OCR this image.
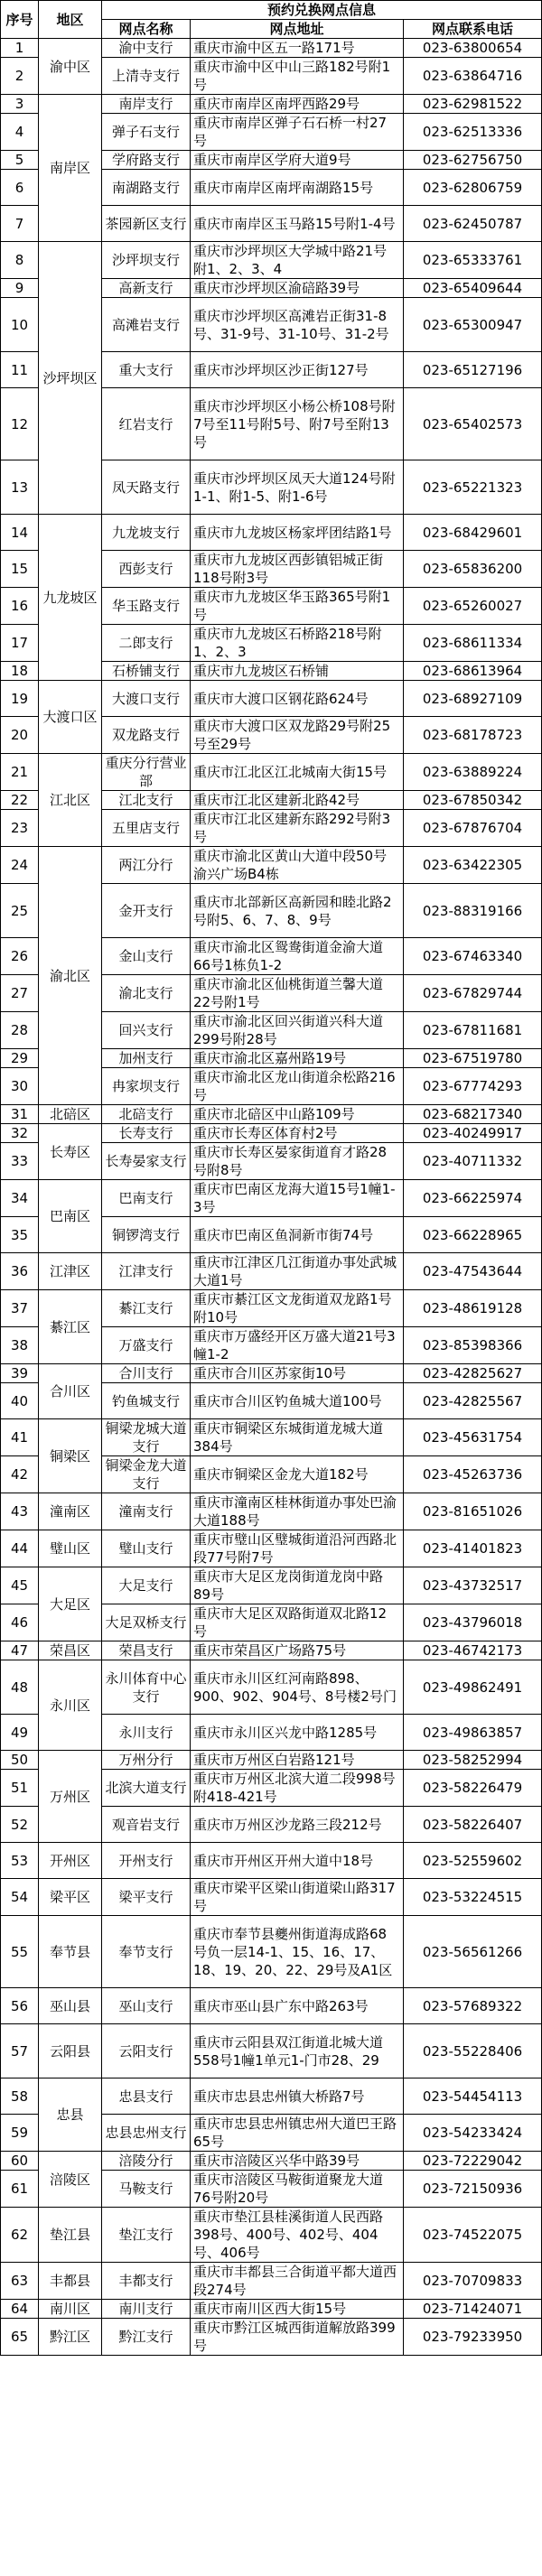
序号	地区	预约兑换网点信息		
		网点名称	网点地址	网点联系电话
1	渝中区	渝中支行	重庆市渝中区五一路171号	023-63800654
2		上清寺支行	重庆市渝中区中山三路182号附1号	023-63864716
3	南岸区	南岸支行	重庆市南岸区南坪西路29号	023-62981522
4		弹子石支行	重庆市南岸区弹子石石桥一村27号	023-62513336
5		学府路支行	重庆市南岸区学府大道9号	023-62756750
6		南湖路支行	重庆市南岸区南坪南湖路15号	023-62806759
7		茶园新区支行	重庆市南岸区玉马路15号附1-4号	023-62450787
8	沙坪坝区	沙坪坝支行	重庆市沙坪坝区大学城中路21号附1、2、3、4	023-65333761
9		高新支行	重庆市沙坪坝区渝碚路39号	023-65409644
10		高滩岩支行	重庆市沙坪坝区高滩岩正街31-8号、31-9号、31-10号、31-2号	023-65300947
11		重大支行	重庆市沙坪坝区沙正街127号	023-65127196
12		红岩支行	重庆市沙坪坝区小杨公桥108号附7号至11号附5号、附7号至附13号	023-65402573
13		凤天路支行	重庆市沙坪坝区凤天大道124号附1-1、附1-5、附1-6号	023-65221323
14	九龙坡区	九龙坡支行	重庆市九龙坡区杨家坪团结路1号	023-68429601
15		西彭支行	重庆市九龙坡区西彭镇铝城正街118号附3号	023-65836200
16		华玉路支行	重庆市九龙坡区华玉路365号附1号	023-65260027
17		二郎支行	重庆市九龙坡区石桥路218号附1、2、3	023-68611334
18		石桥铺支行	重庆市九龙坡区石桥铺	023-68613964
19	大渡口区	大渡口支行	重庆市大渡口区钢花路624号	023-68927109
20		双龙路支行	重庆市大渡口区双龙路29号附25号至29号	023-68178723
21	江北区	重庆分行营业部	重庆市江北区江北城南大街15号	023-63889224
22		江北支行	重庆市江北区建新北路42号	023-67850342
23		五里店支行	重庆市江北区建新东路292号附3号	023-67876704
24	渝北区	两江分行	重庆市渝北区黄山大道中段50号渝兴广场B4栋	023-63422305
25		金开支行	重庆市北部新区高新园和睦北路2号附5、6、7、8、9号	023-88319166
26		金山支行	重庆市渝北区鸳鸯街道金渝大道66号1栋负1-2	023-67463340
27		渝北支行	重庆市渝北区仙桃街道兰馨大道22号附1号	023-67829744
28		回兴支行	重庆市渝北区回兴街道兴科大道299号附28号	023-67811681
29		加州支行	重庆市渝北区嘉州路19号	023-67519780
30		冉家坝支行	重庆市渝北区龙山街道余松路216号	023-67774293
31	北碚区	北碚支行	重庆市北碚区中山路109号	023-68217340
32	长寿区	长寿支行	重庆市长寿区体育村2号	023-40249917
33		长寿晏家支行	重庆市长寿区晏家街道育才路28号附8号	023-40711332
34	巴南区	巴南支行	重庆市巴南区龙海大道15号1幢1-3号	023-66225974
35		铜锣湾支行	重庆市巴南区鱼洞新市街74号	023-66228965
36	江津区	江津支行	重庆市江津区几江街道办事处武城大道1号	023-47543644
37	綦江区	綦江支行	重庆市綦江区文龙街道双龙路1号附10号	023-48619128
38		万盛支行	重庆市万盛经开区万盛大道21号3幢1-2	023-85398366
39	合川区	合川支行	重庆市合川区苏家街10号	023-42825627
40		钓鱼城支行	重庆市合川区钓鱼城大道100号	023-42825567
41	铜梁区	铜梁龙城大道支行	重庆市铜梁区东城街道龙城大道384号	023-45631754
42		铜梁金龙大道支行	重庆市铜梁区金龙大道182号	023-45263736
43	潼南区	潼南支行	重庆市潼南区桂林街道办事处巴渝大道188号	023-81651026
44	璧山区	璧山支行	重庆市璧山区璧城街道沿河西路北段77号附7号	023-41401823
45	大足区	大足支行	重庆市大足区龙岗街道龙岗中路89号	023-43732517
46		大足双桥支行	重庆市大足区双路街道双北路12号	023-43796018
47	荣昌区	荣昌支行	重庆市荣昌区广场路75号	023-46742173
48	永川区	永川体育中心支行	重庆市永川区红河南路898、900、902、904号、8号楼2号门	023-49862491
49		永川支行	重庆市永川区兴龙中路1285号	023-49863857
50	万州区	万州分行	重庆市万州区白岩路121号	023-58252994
51		北滨大道支行	重庆市万州区北滨大道二段998号附418-421号	023-58226479
52		观音岩支行	重庆市万州区沙龙路三段212号	023-58226407
53	开州区	开州支行	重庆市开州区开州大道中18号	023-52559602
54	梁平区	梁平支行	重庆市梁平区梁山街道梁山路317号	023-53224515
55	奉节县	奉节支行	重庆市奉节县夔州街道海成路68号负一层14-1、15、16、17、18、19、20、22、29号及A1区	023-56561266
56	巫山县	巫山支行	重庆市巫山县广东中路263号	023-57689322
57	云阳县	云阳支行	重庆市云阳县双江街道北城大道558号1幢1单元1-门市28、29	023-55228406
58	忠县	忠县支行	重庆市忠县忠州镇大桥路7号	023-54454113
59		忠县忠州支行	重庆市忠县忠州镇忠州大道巴王路65号	023-54233424
60	涪陵区	涪陵分行	重庆市涪陵区兴华中路39号	023-72229042
61		马鞍支行	重庆市涪陵区马鞍街道聚龙大道76号附20号	023-72150936
62	垫江县	垫江支行	重庆市垫江县桂溪街道人民西路398号、400号、402号、404号、406号	023-74522075
63	丰都县	丰都支行	重庆市丰都县三合街道平都大道西段274号	023-70709833
64	南川区	南川支行	重庆市南川区西大街15号	023-71424071
65	黔江区	黔江支行	重庆市黔江区城西街道解放路399号	023-79233950
